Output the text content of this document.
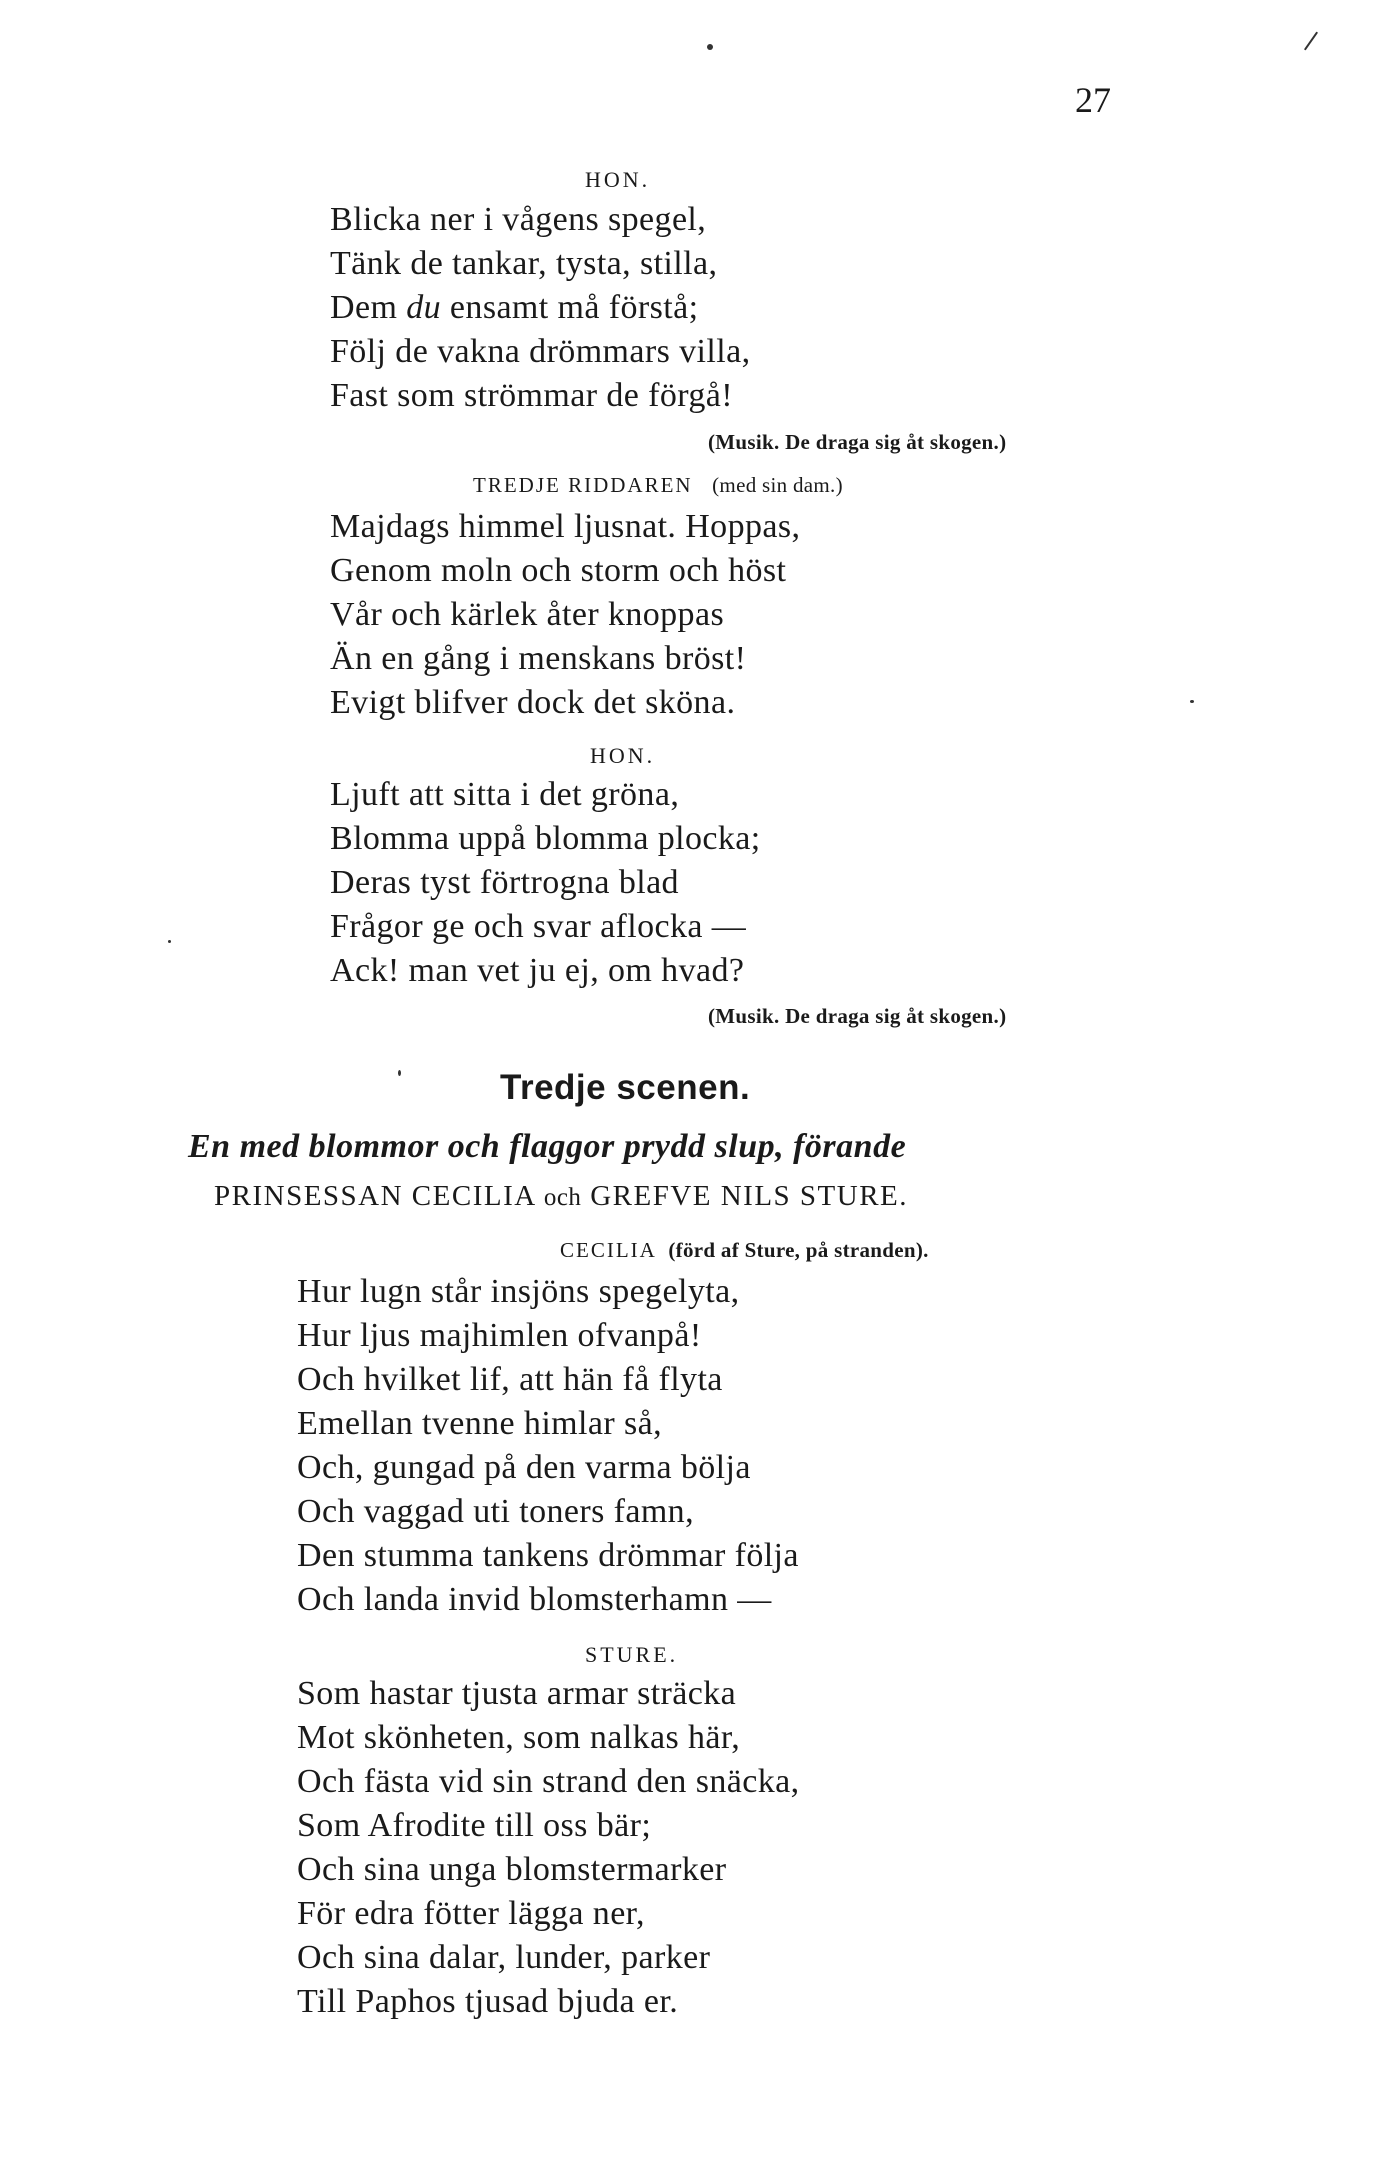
27
HON.
Blicka ner i vågens spegel,
Tänk de tankar, tysta, stilla,
Dem du ensamt må förstå;
Följ de vakna drömmars villa,
Fast som strömmar de förgå!
(Musik. De draga sig åt skogen.)
TREDJE RIDDAREN (med sin dam.)
Majdags himmel ljusnat. Hoppas,
Genom moln och storm och höst
Vår och kärlek åter knoppas
Än en gång i menskans bröst!
Evigt blifver dock det sköna.
HON.
Ljuft att sitta i det gröna,
Blomma uppå blomma plocka;
Deras tyst förtrogna blad
Frågor ge och svar aflocka —
Ack! man vet ju ej, om hvad?
(Musik. De draga sig åt skogen.)
Tredje scenen.
En med blommor och flaggor prydd slup, förande
PRINSESSAN CECILIA och GREFVE NILS STURE.
CECILIA (förd af Sture, på stranden).
Hur lugn står insjöns spegelyta,
Hur ljus majhimlen ofvanpå!
Och hvilket lif, att hän få flyta
Emellan tvenne himlar så,
Och, gungad på den varma bölja
Och vaggad uti toners famn,
Den stumma tankens drömmar följa
Och landa invid blomsterhamn —
STURE.
Som hastar tjusta armar sträcka
Mot skönheten, som nalkas här,
Och fästa vid sin strand den snäcka,
Som Afrodite till oss bär;
Och sina unga blomstermarker
För edra fötter lägga ner,
Och sina dalar, lunder, parker
Till Paphos tjusad bjuda er.
